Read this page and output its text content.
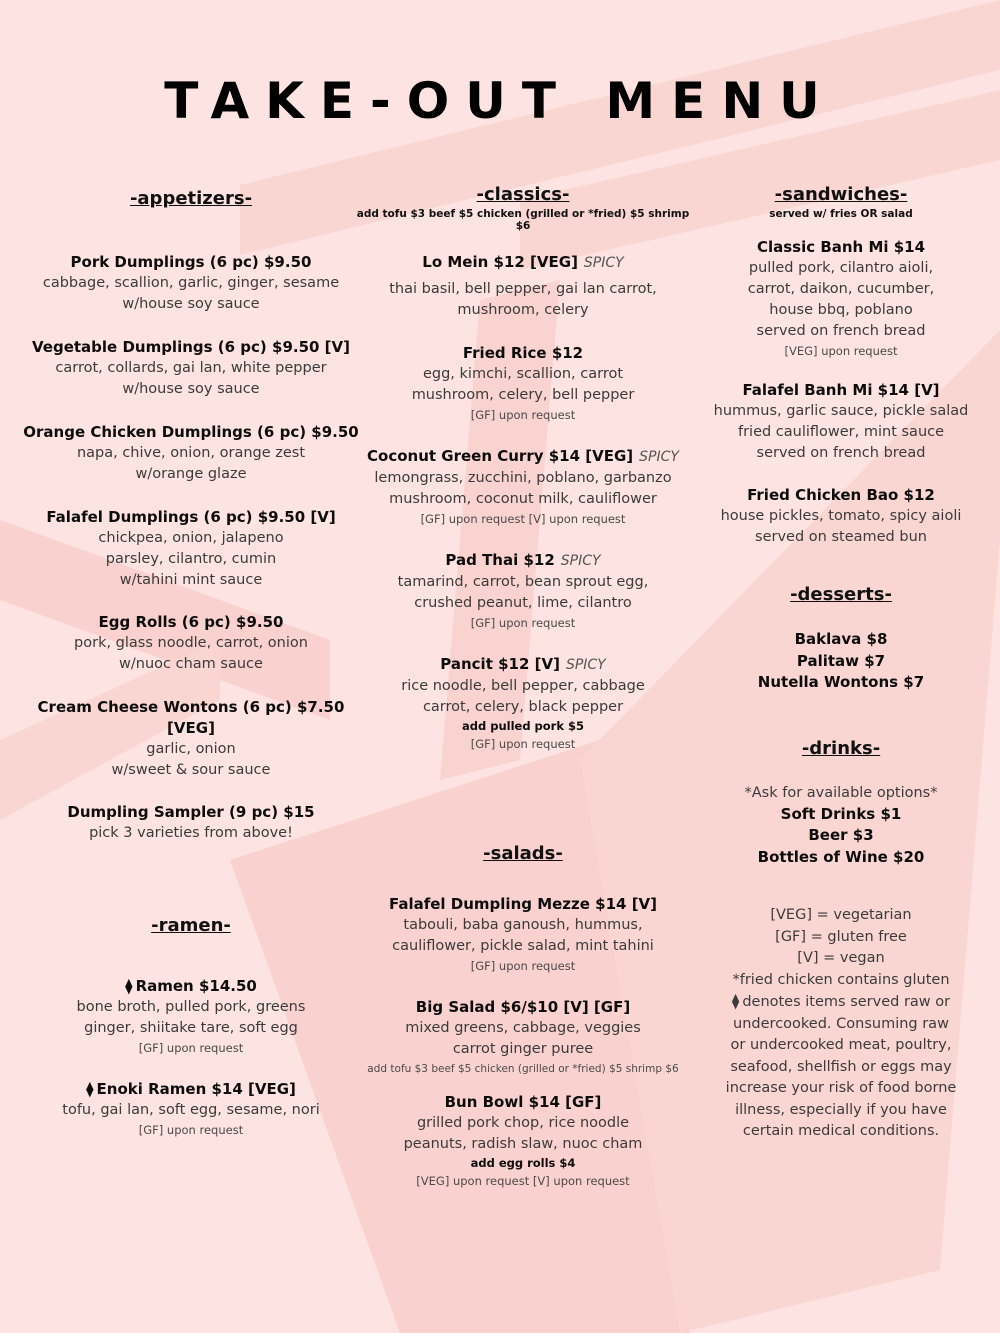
TAKE-OUT MENU
-appetizers-
Pork Dumplings (6 pc) $9.50
cabbage, scallion, garlic, ginger, sesame
w/house soy sauce
Vegetable Dumplings (6 pc) $9.50 [V]
carrot, collards, gai lan, white pepper
w/house soy sauce
Orange Chicken Dumplings (6 pc) $9.50
napa, chive, onion, orange zest
w/orange glaze
Falafel Dumplings (6 pc) $9.50 [V]
chickpea, onion, jalapeno
parsley, cilantro, cumin
w/tahini mint sauce
Egg Rolls (6 pc) $9.50
pork, glass noodle, carrot, onion
w/nuoc cham sauce
Cream Cheese Wontons (6 pc) $7.50
[VEG]
garlic, onion
w/sweet & sour sauce
Dumpling Sampler (9 pc) $15
pick 3 varieties from above!
-ramen-
⧫ Ramen $14.50
bone broth, pulled pork, greens
ginger, shiitake tare, soft egg
[GF] upon request
⧫ Enoki Ramen $14 [VEG]
tofu, gai lan, soft egg, sesame, nori
[GF] upon request
-classics-
add tofu $3 beef $5 chicken (grilled or *fried) $5 shrimp $6
Lo Mein $12 [VEG] SPICY
thai basil, bell pepper, gai lan carrot,
mushroom, celery
Fried Rice $12
egg, kimchi, scallion, carrot
mushroom, celery, bell pepper
[GF] upon request
Coconut Green Curry $14 [VEG] SPICY
lemongrass, zucchini, poblano, garbanzo
mushroom, coconut milk, cauliflower
[GF] upon request [V] upon request
Pad Thai $12 SPICY
tamarind, carrot, bean sprout egg,
crushed peanut, lime, cilantro
[GF] upon request
Pancit $12 [V] SPICY
rice noodle, bell pepper, cabbage
carrot, celery, black pepper
add pulled pork $5
[GF] upon request
-salads-
Falafel Dumpling Mezze $14 [V]
tabouli, baba ganoush, hummus,
cauliflower, pickle salad, mint tahini
[GF] upon request
Big Salad $6/$10 [V] [GF]
mixed greens, cabbage, veggies
carrot ginger puree
add tofu $3 beef $5 chicken (grilled or *fried) $5 shrimp $6
Bun Bowl $14 [GF]
grilled pork chop, rice noodle
peanuts, radish slaw, nuoc cham
add egg rolls $4
[VEG] upon request [V] upon request
-sandwiches-
served w/ fries OR salad
Classic Banh Mi $14
pulled pork, cilantro aioli,
carrot, daikon, cucumber,
house bbq, poblano
served on french bread
[VEG] upon request
Falafel Banh Mi $14 [V]
hummus, garlic sauce, pickle salad
fried cauliflower, mint sauce
served on french bread
Fried Chicken Bao $12
house pickles, tomato, spicy aioli
served on steamed bun
-desserts-
Baklava $8
Palitaw $7
Nutella Wontons $7
-drinks-
*Ask for available options*
Soft Drinks $1
Beer $3
Bottles of Wine $20
[VEG] = vegetarian
[GF] = gluten free
[V] = vegan
*fried chicken contains gluten
⧫ denotes items served raw or
undercooked. Consuming raw
or undercooked meat, poultry,
seafood, shellfish or eggs may
increase your risk of food borne
illness, especially if you have
certain medical conditions.
